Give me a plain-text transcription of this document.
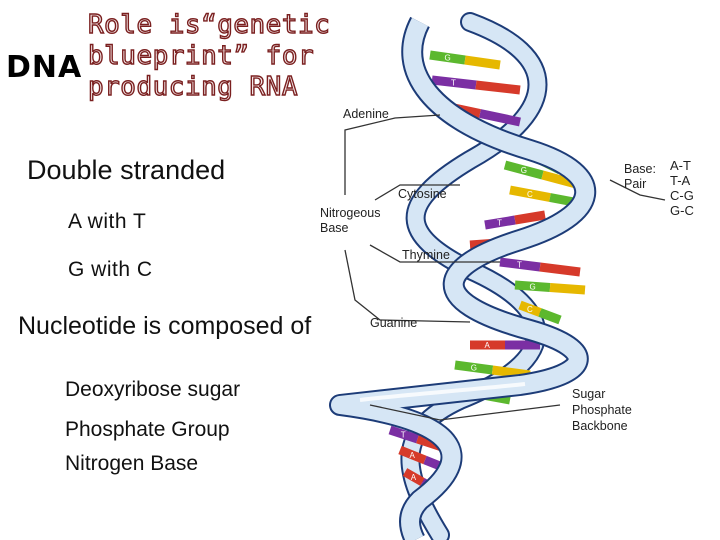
DNA
Role is“genetic
blueprint” for
producing RNA
Double stranded
A with T
G with C
Nucleotide is composed of
Deoxyribose sugar
Phosphate Group
Nitrogen Base
G
T
A
C
G
C
T
A
T
G
C
A
G
C
T
A
A
Adenine
Cytosine
Thymine
Guanine
Nitrogeous
Base
Base:
Pair
A-T
T-A
C-G
G-C
Sugar
Phosphate
Backbone
